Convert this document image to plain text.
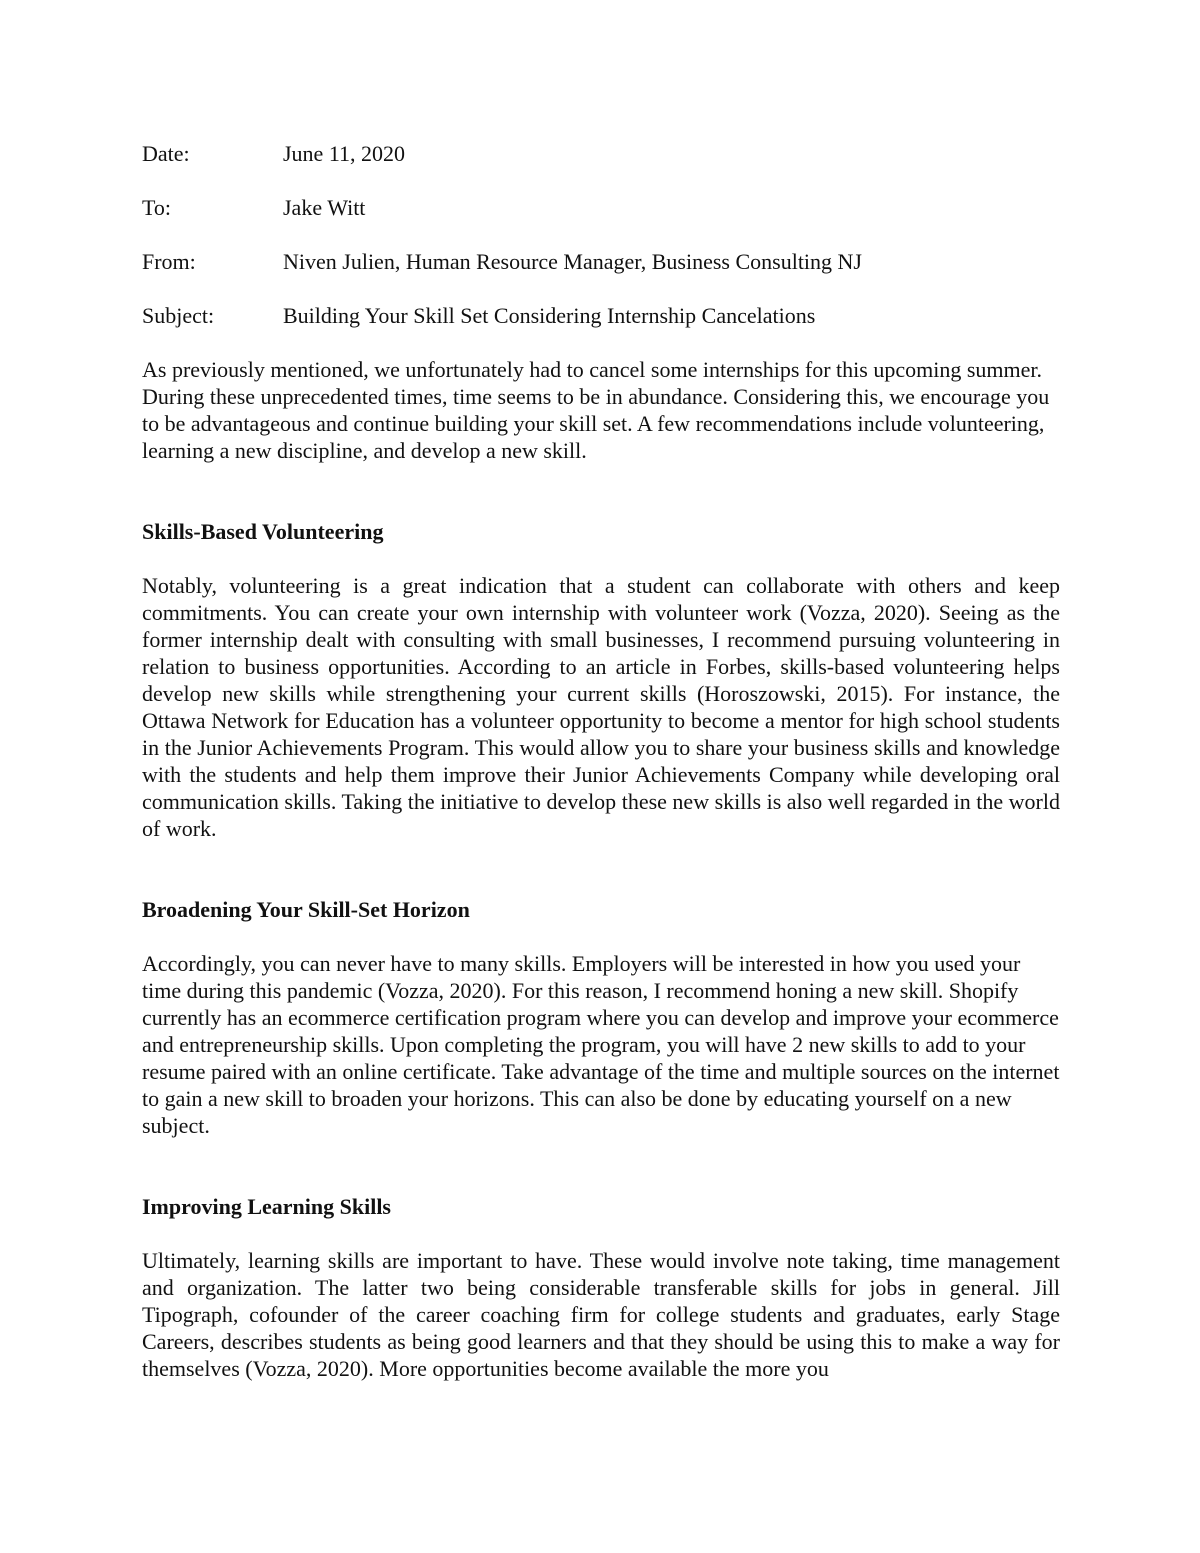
Date:	June 11, 2020
To:	Jake Witt
From:	Niven Julien, Human Resource Manager, Business Consulting NJ
Subject:	Building Your Skill Set Considering Internship Cancelations

As previously mentioned, we unfortunately had to cancel some internships for this upcoming summer. During these unprecedented times, time seems to be in abundance. Considering this, we encourage you to be advantageous and continue building your skill set. A few recommendations include volunteering, learning a new discipline, and develop a new skill.

Skills-Based Volunteering

Notably, volunteering is a great indication that a student can collaborate with others and keep commitments. You can create your own internship with volunteer work (Vozza, 2020). Seeing as the former internship dealt with consulting with small businesses, I recommend pursuing volunteering in relation to business opportunities. According to an article in Forbes, skills-based volunteering helps develop new skills while strengthening your current skills (Horoszowski, 2015). For instance, the Ottawa Network for Education has a volunteer opportunity to become a mentor for high school students in the Junior Achievements Program. This would allow you to share your business skills and knowledge with the students and help them improve their Junior Achievements Company while developing oral communication skills. Taking the initiative to develop these new skills is also well regarded in the world of work.

Broadening Your Skill-Set Horizon

Accordingly, you can never have to many skills. Employers will be interested in how you used your time during this pandemic (Vozza, 2020). For this reason, I recommend honing a new skill. Shopify currently has an ecommerce certification program where you can develop and improve your ecommerce and entrepreneurship skills. Upon completing the program, you will have 2 new skills to add to your resume paired with an online certificate. Take advantage of the time and multiple sources on the internet to gain a new skill to broaden your horizons. This can also be done by educating yourself on a new subject.

Improving Learning Skills

Ultimately, learning skills are important to have. These would involve note taking, time management and organization. The latter two being considerable transferable skills for jobs in general. Jill Tipograph, cofounder of the career coaching firm for college students and graduates, early Stage Careers, describes students as being good learners and that they should be using this to make a way for themselves (Vozza, 2020). More opportunities become available the more you
